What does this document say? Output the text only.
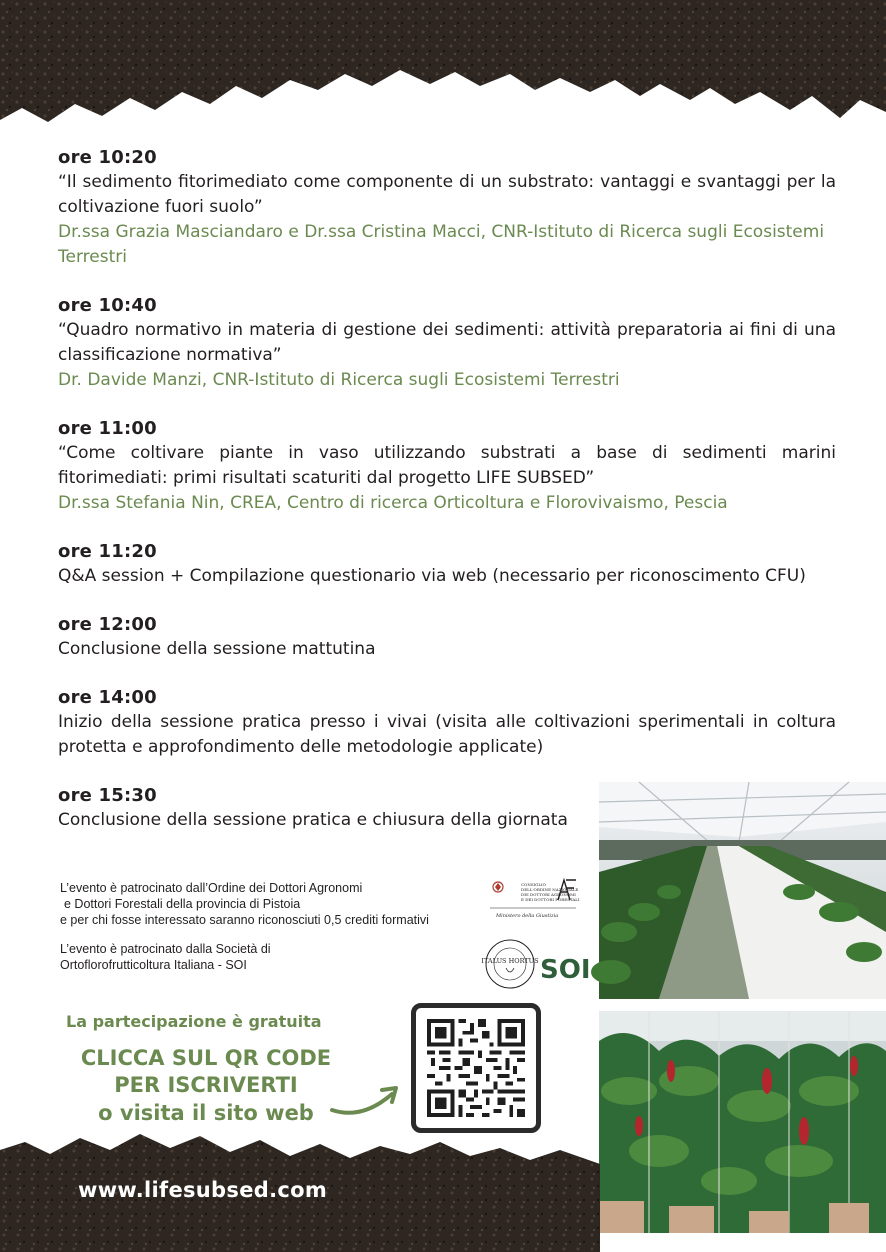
ore 10:20
“Il sedimento fitorimediato come componente di un substrato: vantaggi e svantaggi per la coltivazione fuori suolo”
Dr.ssa Grazia Masciandaro e Dr.ssa Cristina Macci, CNR-Istituto di Ricerca sugli Ecosistemi Terrestri
ore 10:40
“Quadro normativo in materia di gestione dei sedimenti: attività preparatoria ai fini di una classificazione normativa”
Dr. Davide Manzi, CNR-Istituto di Ricerca sugli Ecosistemi Terrestri
ore 11:00
“Come coltivare piante in vaso utilizzando substrati a base di sedimenti marini fitorimediati: primi risultati scaturiti dal progetto LIFE SUBSED”
Dr.ssa Stefania Nin, CREA, Centro di ricerca Orticoltura e Florovivaismo, Pescia
ore 11:20
Q&A session + Compilazione questionario via web (necessario per riconoscimento CFU)
ore 12:00
Conclusione della sessione mattutina
ore 14:00
Inizio della sessione pratica presso i vivai (visita alle coltivazioni sperimentali in coltura protetta e approfondimento delle metodologie applicate)
ore 15:30
Conclusione della sessione pratica e chiusura della giornata

L’evento è patrocinato dall’Ordine dei Dottori Agronomi
e Dottori Forestali della provincia di Pistoia
e per chi fosse interessato saranno riconosciuti 0,5 crediti formativi

L’evento è patrocinato dalla Società di
Ortoflorofrutticoltura Italiana - SOI

CONSIGLIO
DELL'ORDINE NAZIONALE
DEI DOTTORI AGRONOMI
E DEI DOTTORI FORESTALI
Ministero della Giustizia
ITALUS HORTUS SOI
La partecipazione è gratuita
CLICCA SUL QR CODE
PER ISCRIVERTI
o visita il sito web
www.lifesubsed.com
